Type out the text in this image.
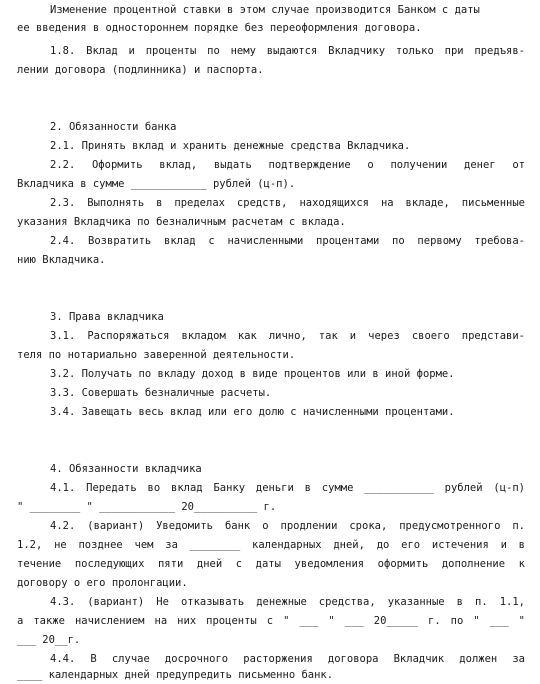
Изменение процентной ставки в этом случае производится Банком с даты
ее введения в одностороннем порядке без переоформления договора.
1.8. Вклад и проценты по нему выдаются Вкладчику только при предъяв-
лении договора (подлинника) и паспорта.
2. Обязанности банка
2.1. Принять вклад и хранить денежные средства Вкладчика.
2.2. Оформить вклад, выдать подтверждение о получении денег от
Вкладчика в сумме ____________ рублей (ц-п).
2.3. Выполнять в пределах средств, находящихся на вкладе, письменные
указания Вкладчика по безналичным расчетам с вклада.
2.4. Возвратить вклад с начисленными процентами по первому требова-
нию Вкладчика.
3. Права вкладчика
3.1. Распоряжаться вкладом как лично, так и через своего представи-
теля по нотариально заверенной деятельности.
3.2. Получать по вкладу доход в виде процентов или в иной форме.
3.3. Совершать безналичные расчеты.
3.4. Завещать весь вклад или его долю с начисленными процентами.
4. Обязанности вкладчика
4.1. Передать во вклад Банку деньги в сумме ___________ рублей (ц-п)
" ________ " ____________ 20__________ г.
4.2. (вариант) Уведомить банк о продлении срока, предусмотренного п.
1.2, не позднее чем за ________ календарных дней, до его истечения и в
течение последующих пяти дней с даты уведомления оформить дополнение к
договору о его пролонгации.
4.3. (вариант) Не отказывать денежные средства, указанные в п. 1.1,
а также начислением на них проценты с " ___ " ___ 20_____ г. по " ___ "
___ 20__г.
4.4. В случае досрочного расторжения договора Вкладчик должен за
____ календарных дней предупредить письменно банк.
